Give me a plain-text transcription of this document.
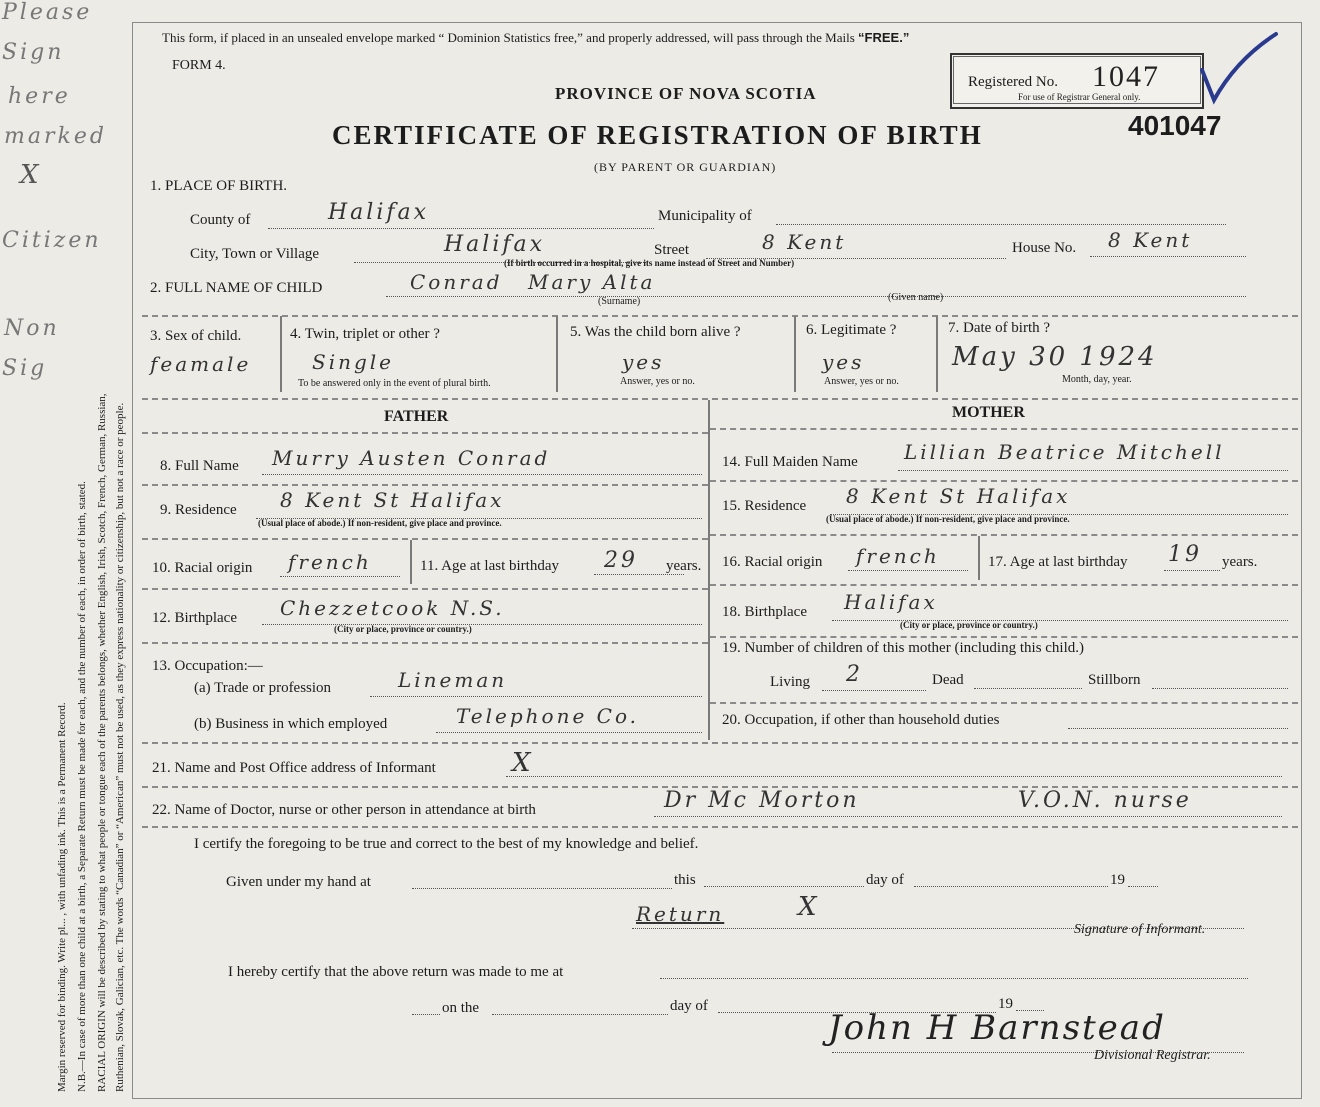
Margin reserved for binding. Write pl... , with unfading ink. This is a Permanent Record. N.B.—In case of more than one child at a birth, a Separate Return must be made for each, and the number of each, in order of birth, stated. RACIAL ORIGIN will be described by stating to what people or tongue each of the parents belongs, whether English, Irish, Scotch, French, German, Russian, Ruthenian, Slovak, Galician, etc. The words “Canadian” or “American” must not be used, as they express nationality or citizenship, but not a race or people.
Please
Sign
here
marked
X
Citizen
Non
Sig
This form, if placed in an unsealed envelope marked “ Dominion Statistics free,” and properly addressed, will pass through the Mails “FREE.”
FORM 4.
PROVINCE OF NOVA SCOTIA
CERTIFICATE OF REGISTRATION OF BIRTH
(BY PARENT OR GUARDIAN)
Registered No. 1047
For use of Registrar General only.
401047
1. PLACE OF BIRTH.
County of	Halifax	Municipality of
City, Town or Village	Halifax	Street	8 Kent	House No. 8 Kent
(If birth occurred in a hospital, give its name instead of Street and Number)
2. FULL NAME OF CHILD	Conrad Mary Alta
(Surname)	(Given name)
3. Sex of child.
feamale
4. Twin, triplet or other ?
Single
To be answered only in the event of plural birth.
5. Was the child born alive ?
yes
Answer, yes or no.
6. Legitimate ?
yes
Answer, yes or no.
7. Date of birth ?
May 30 1924
Month, day, year.
FATHER	MOTHER
8. Full Name Murry Austen Conrad
9. Residence 8 Kent St Halifax
(Usual place of abode.) If non-resident, give place and province.
10. Racial origin french	11. Age at last birthday 29 years.
12. Birthplace Chezzetcook N.S.
(City or place, province or country.)
13. Occupation:—
(a) Trade or profession	Lineman
(b) Business in which employed	Telephone Co.
14. Full Maiden Name Lillian Beatrice Mitchell
15. Residence 8 Kent St Halifax
(Usual place of abode.) If non-resident, give place and province.
16. Racial origin french	17. Age at last birthday 19 years.
18. Birthplace Halifax
(City or place, province or country.)
19. Number of children of this mother (including this child.)
Living 2	Dead	Stillborn
20. Occupation, if other than household duties
21. Name and Post Office address of Informant	X
22. Name of Doctor, nurse or other person in attendance at birth	Dr Mc Morton	V.O.N. nurse
I certify the foregoing to be true and correct to the best of my knowledge and belief.
Given under my hand at	this	day of	19
Return	X
Signature of Informant.
I hereby certify that the above return was made to me at
on the	day of	19
John H Barnstead
Divisional Registrar.
